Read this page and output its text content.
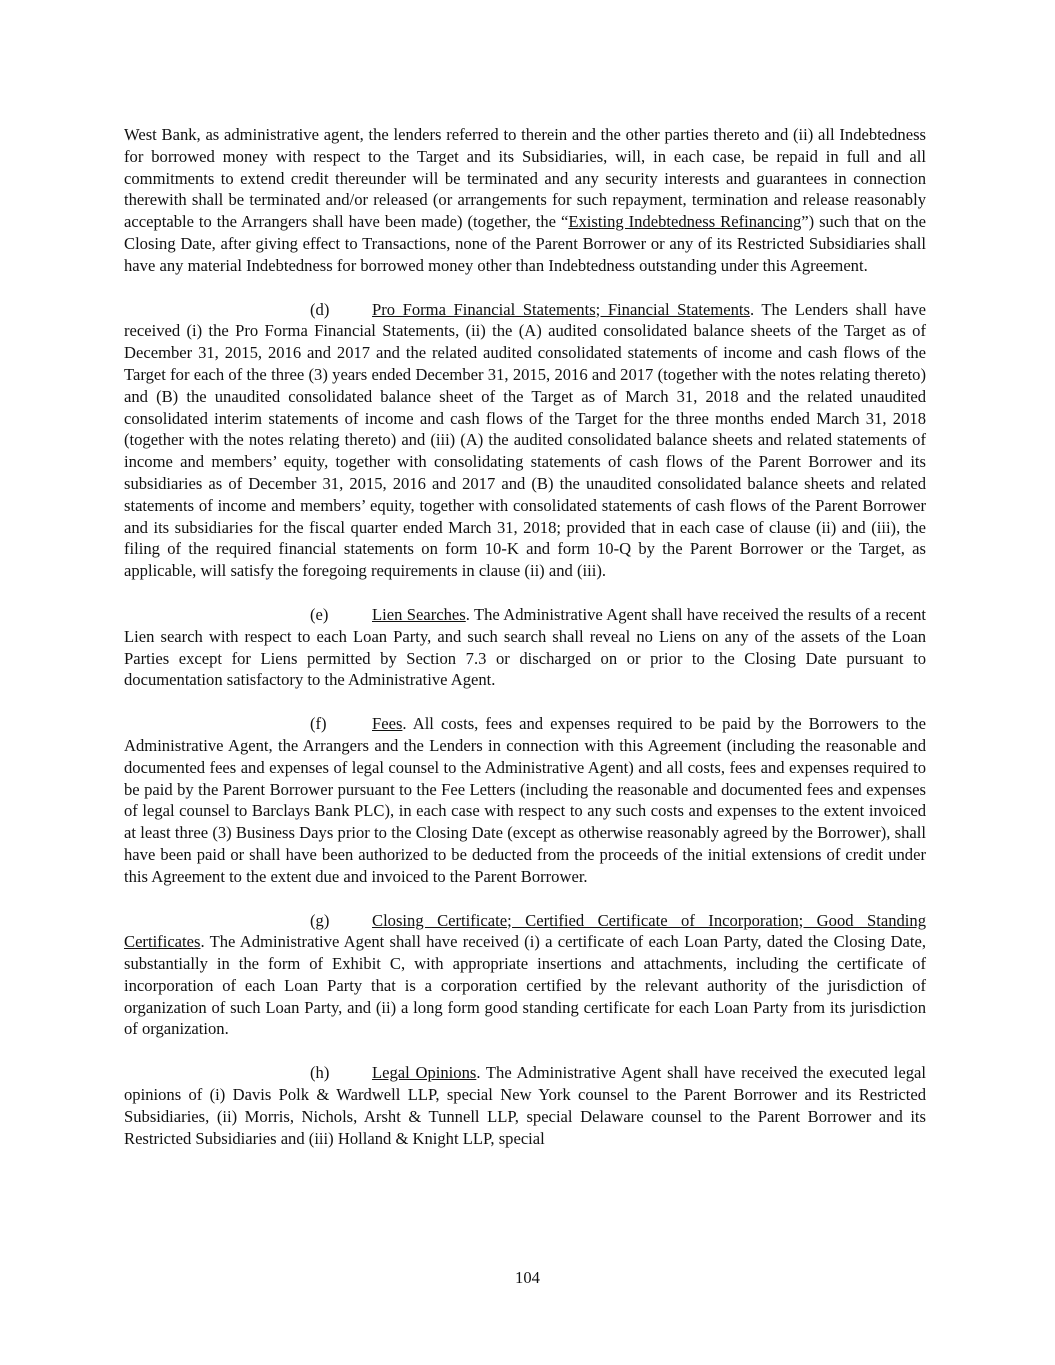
West Bank, as administrative agent, the lenders referred to therein and the other parties thereto and (ii) all Indebtedness for borrowed money with respect to the Target and its Subsidiaries, will, in each case, be repaid in full and all commitments to extend credit thereunder will be terminated and any security interests and guarantees in connection therewith shall be terminated and/or released (or arrangements for such repayment, termination and release reasonably acceptable to the Arrangers shall have been made) (together, the “Existing Indebtedness Refinancing”) such that on the Closing Date, after giving effect to Transactions, none of the Parent Borrower or any of its Restricted Subsidiaries shall have any material Indebtedness for borrowed money other than Indebtedness outstanding under this Agreement.

(d)	Pro Forma Financial Statements; Financial Statements. The Lenders shall have received (i) the Pro Forma Financial Statements, (ii) the (A) audited consolidated balance sheets of the Target as of December 31, 2015, 2016 and 2017 and the related audited consolidated statements of income and cash flows of the Target for each of the three (3) years ended December 31, 2015, 2016 and 2017 (together with the notes relating thereto) and (B) the unaudited consolidated balance sheet of the Target as of March 31, 2018 and the related unaudited consolidated interim statements of income and cash flows of the Target for the three months ended March 31, 2018 (together with the notes relating thereto) and (iii) (A) the audited consolidated balance sheets and related statements of income and members’ equity, together with consolidating statements of cash flows of the Parent Borrower and its subsidiaries as of December 31, 2015, 2016 and 2017 and (B) the unaudited consolidated balance sheets and related statements of income and members’ equity, together with consolidated statements of cash flows of the Parent Borrower and its subsidiaries for the fiscal quarter ended March 31, 2018; provided that in each case of clause (ii) and (iii), the filing of the required financial statements on form 10-K and form 10-Q by the Parent Borrower or the Target, as applicable, will satisfy the foregoing requirements in clause (ii) and (iii).

(e)	Lien Searches. The Administrative Agent shall have received the results of a recent Lien search with respect to each Loan Party, and such search shall reveal no Liens on any of the assets of the Loan Parties except for Liens permitted by Section 7.3 or discharged on or prior to the Closing Date pursuant to documentation satisfactory to the Administrative Agent.

(f)	Fees. All costs, fees and expenses required to be paid by the Borrowers to the Administrative Agent, the Arrangers and the Lenders in connection with this Agreement (including the reasonable and documented fees and expenses of legal counsel to the Administrative Agent) and all costs, fees and expenses required to be paid by the Parent Borrower pursuant to the Fee Letters (including the reasonable and documented fees and expenses of legal counsel to Barclays Bank PLC), in each case with respect to any such costs and expenses to the extent invoiced at least three (3) Business Days prior to the Closing Date (except as otherwise reasonably agreed by the Borrower), shall have been paid or shall have been authorized to be deducted from the proceeds of the initial extensions of credit under this Agreement to the extent due and invoiced to the Parent Borrower.

(g)	Closing Certificate; Certified Certificate of Incorporation; Good Standing Certificates. The Administrative Agent shall have received (i) a certificate of each Loan Party, dated the Closing Date, substantially in the form of Exhibit C, with appropriate insertions and attachments, including the certificate of incorporation of each Loan Party that is a corporation certified by the relevant authority of the jurisdiction of organization of such Loan Party, and (ii) a long form good standing certificate for each Loan Party from its jurisdiction of organization.

(h)	Legal Opinions. The Administrative Agent shall have received the executed legal opinions of (i) Davis Polk & Wardwell LLP, special New York counsel to the Parent Borrower and its Restricted Subsidiaries, (ii) Morris, Nichols, Arsht & Tunnell LLP, special Delaware counsel to the Parent Borrower and its Restricted Subsidiaries and (iii) Holland & Knight LLP, special

104
